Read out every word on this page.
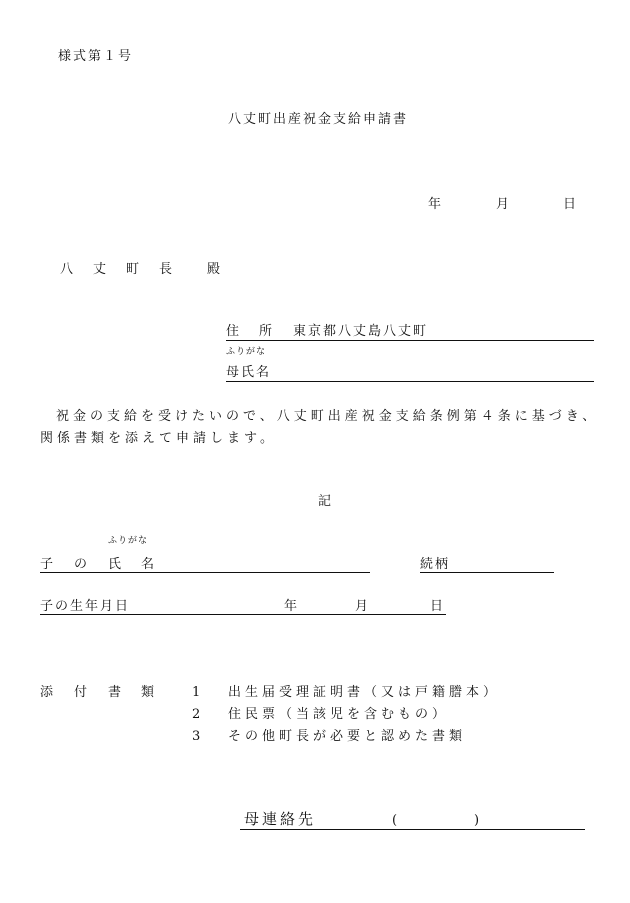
様式第１号
八丈町出産祝金支給申請書
年	月	日
八 丈 町 長	殿
住 所 東京都八丈島八丈町
ふりがな
母氏名
祝金の支給を受けたいので、八丈町出産祝金支給条例第４条に基づき、
関係書類を添えて申請します。
記
ふりがな
子 の 氏 名	続柄
子の生年月日	年	月	日
添 付 書 類	1 出生届受理証明書（又は戸籍謄本）
2 住民票（当該児を含むもの）
3 その他町長が必要と認めた書類
母連絡先	(	)
